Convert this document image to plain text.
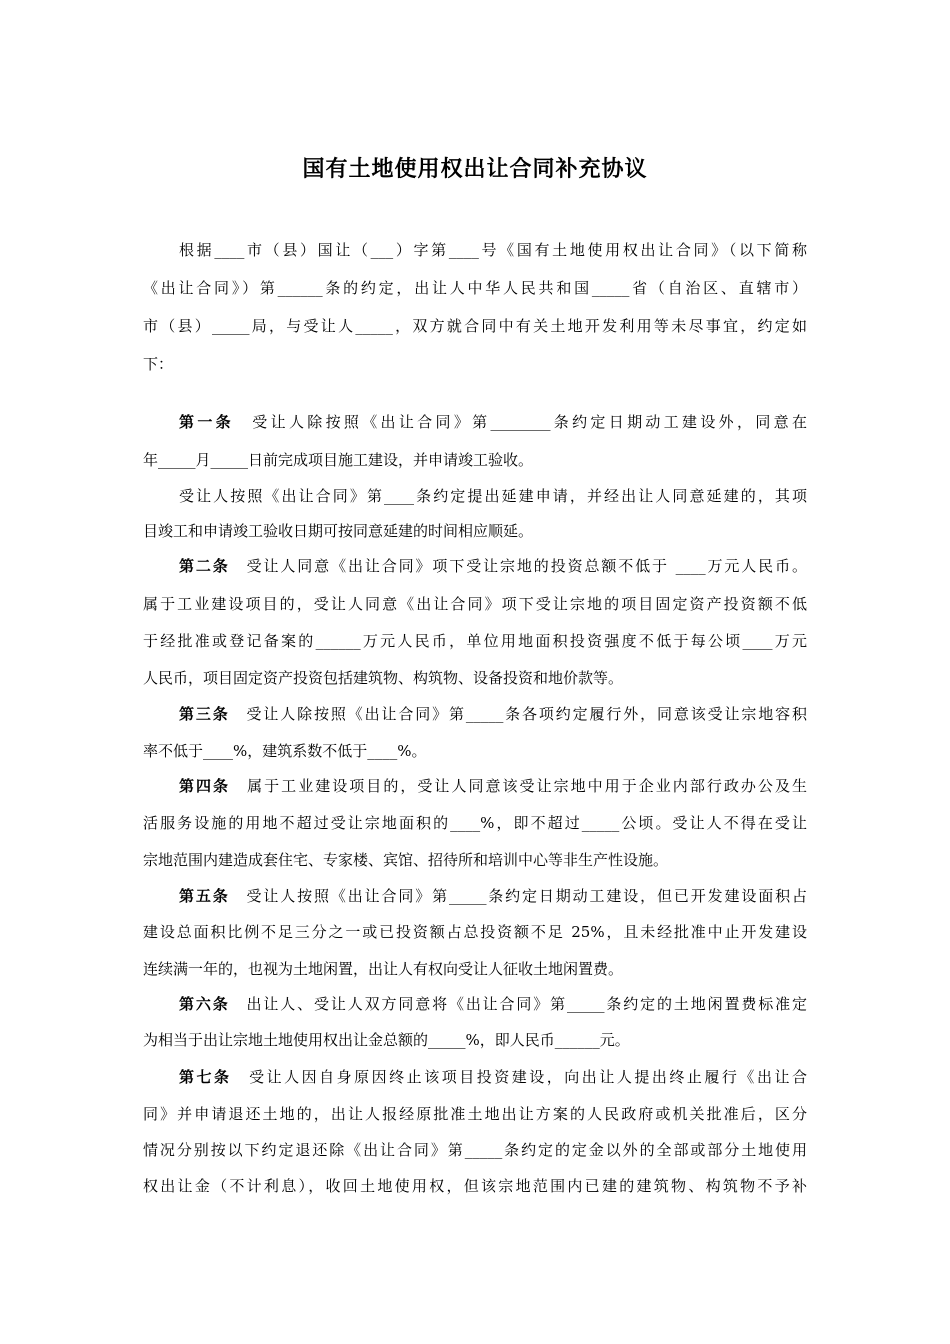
国有土地使用权出让合同补充协议
根据____市（县）国让（___）字第____号《国有土地使用权出让合同》（以下简称
《出让合同》）第______条的约定，出让人中华人民共和国_____省（自治区、直辖市）
市（县）_____局，与受让人_____，双方就合同中有关土地开发利用等未尽事宜，约定如
下：
第一条　 受让人除按照《出让合同》第________条约定日期动工建设外，同意在
年_____月_____日前完成项目施工建设，并申请竣工验收。
受让人按照《出让合同》第____条约定提出延建申请，并经出让人同意延建的，其项
目竣工和申请竣工验收日期可按同意延建的时间相应顺延。
第二条　 受让人同意《出让合同》项下受让宗地的投资总额不低于 ____万元人民币。
属于工业建设项目的，受让人同意《出让合同》项下受让宗地的项目固定资产投资额不低
于经批准或登记备案的______万元人民币，单位用地面积投资强度不低于每公顷____万元
人民币，项目固定资产投资包括建筑物、构筑物、设备投资和地价款等。
第三条　 受让人除按照《出让合同》第_____条各项约定履行外，同意该受让宗地容积
率不低于____%，建筑系数不低于____%。
第四条　 属于工业建设项目的，受让人同意该受让宗地中用于企业内部行政办公及生
活服务设施的用地不超过受让宗地面积的____%，即不超过_____公顷。受让人不得在受让
宗地范围内建造成套住宅、专家楼、宾馆、招待所和培训中心等非生产性设施。
第五条　 受让人按照《出让合同》第_____条约定日期动工建设，但已开发建设面积占
建设总面积比例不足三分之一或已投资额占总投资额不足 25%，且未经批准中止开发建设
连续满一年的，也视为土地闲置，出让人有权向受让人征收土地闲置费。
第六条　 出让人、受让人双方同意将《出让合同》第_____条约定的土地闲置费标准定
为相当于出让宗地土地使用权出让金总额的_____%，即人民币______元。
第七条　 受让人因自身原因终止该项目投资建设，向出让人提出终止履行《出让合
同》并申请退还土地的，出让人报经原批准土地出让方案的人民政府或机关批准后，区分
情况分别按以下约定退还除《出让合同》第_____条约定的定金以外的全部或部分土地使用
权出让金（不计利息），收回土地使用权，但该宗地范围内已建的建筑物、构筑物不予补
